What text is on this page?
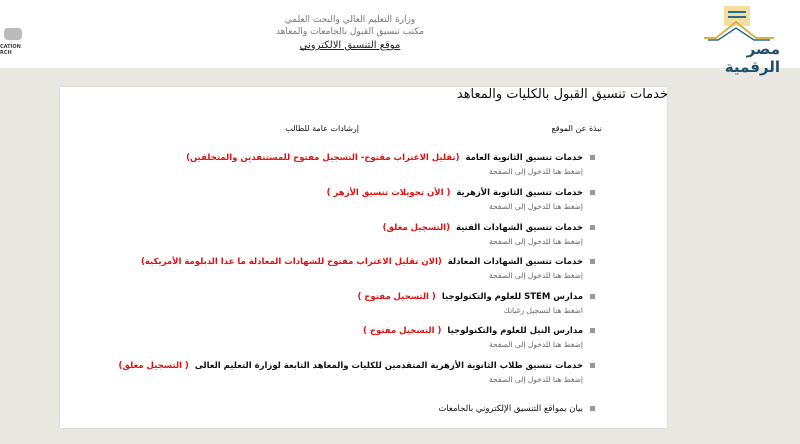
CATION
RCH
وزارة التعليم العالي والبحث العلمي
مكتب تنسيق القبول بالجامعات والمعاهد
موقع التنسيق الالكتروني	مصر الرقمية
خدمات تنسيق القبول بالكليات والمعاهد
نبذة عن الموقع
إرشادات عامة للطالب
خدمات تنسيق الثانوية العامة(تقليل الاغتراب مفتوح- التسجيل مفتوح للمستنفدين والمتخلفين)
إضغط هنا للدخول إلى الصفحة
خدمات تنسيق الثانوية الأزهرية( الأن تحويلات تنسيق الأزهر )
إضغط هنا للدخول إلى الصفحة
خدمات تنسيق الشهادات الفنية(التسجيل مغلق)
إضغط هنا للدخول إلى الصفحة
خدمات تنسيق الشهادات المعادلة(الان تقليل الاغتراب مفتوح للشهادات المعادلة ما عدا الدبلومة الأمريكية)
إضغط هنا للدخول إلى الصفحة
مدارس STEM للعلوم والتكنولوجيا( التسجيل مفتوح )
اضغط هنا لتسجيل رغباتك
مدارس النيل للعلوم والتكنولوجيا( التسجيل مفتوح )
إضغط هنا للدخول إلى الصفحة
خدمات تنسيق طلاب الثانوية الأزهرية المتقدمين للكليات والمعاهد التابعة لوزارة التعليم العالى( التسجيل مغلق)
إضغط هنا للدخول إلى الصفحة
بيان بمواقع التنسيق الإلكتروني بالجامعات
